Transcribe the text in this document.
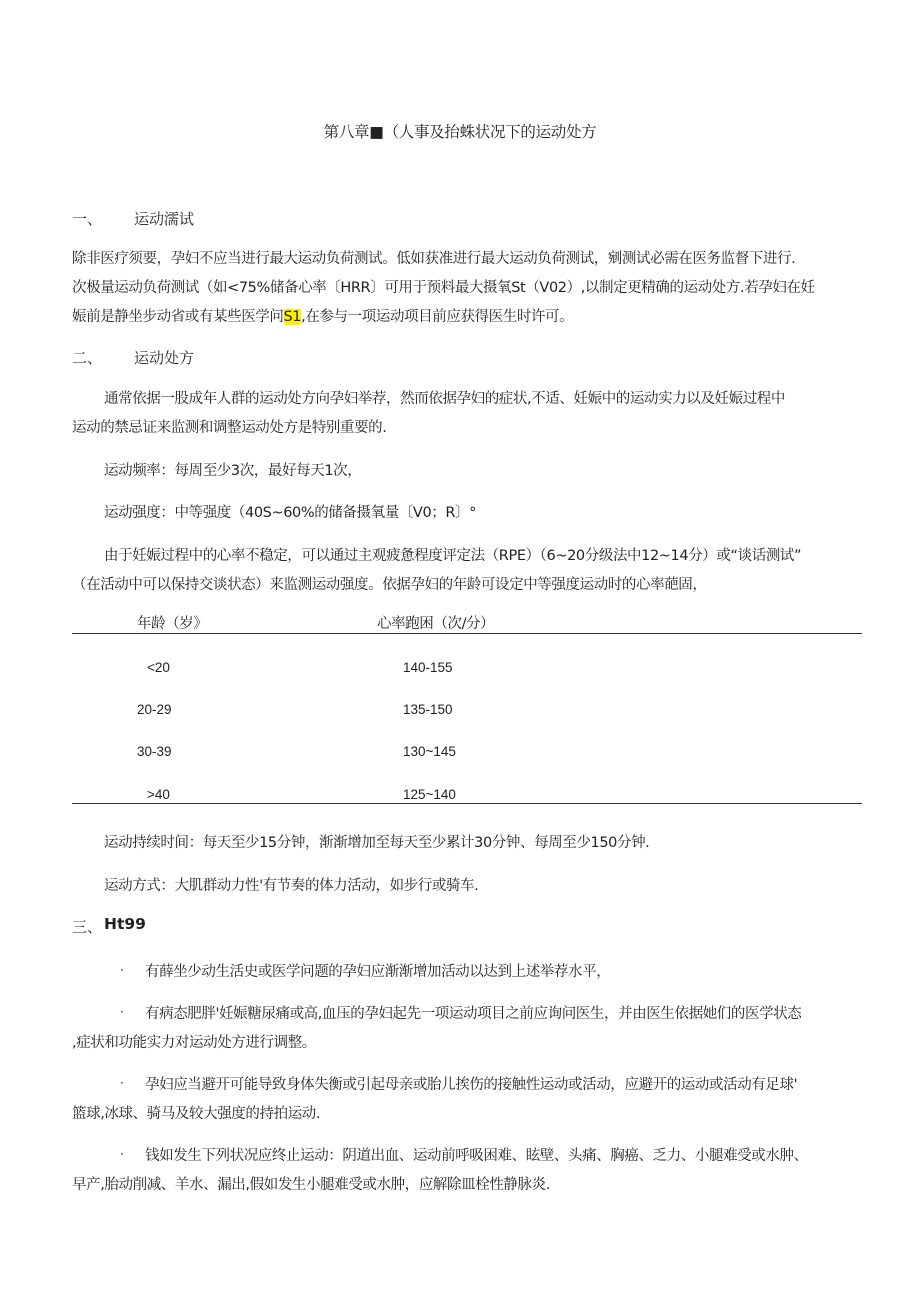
第八章■（人事及抬蛛状况下的运动处方
一、 运动濡试
除非医疗须要，孕妇不应当进行最大运动负荷测试。低如获准进行最大运动负荷测试，剜测试必需在医务监督下进行.
次极量运动负荷测试（如<75%储备心率〔HRR〕可用于预料最大摄氧St（V02）,以制定更精确的运动处方.若孕妇在妊
娠前是静坐步动省或有某些医学问S1,在参与一项运动项目前应获得医生时许可。
二、 运动处方
通常依据一股成年人群的运动处方向孕妇举荐，然而依据孕妇的症状,不适、妊娠中的运动实力以及妊娠过程中
运动的禁忌证来监测和调整运动处方是特别重要的.
运动频率：每周至少3次，最好每天1次，
运动强度：中等强度（40S~60%的储备摄氧量〔V0；R〕°
由于妊娠过程中的心率不稳定，可以通过主观疲惫程度评定法（RPE）（6~20分级法中12~14分）或“谈话测试”
（在活动中可以保持交谈状态）来监测运动强度。依据孕妇的年龄可设定中等强度运动时的心率葩固，
年龄（岁》	心率跑困（次/分）
<20	140-155
20-29	135-150
30-39	130~145
>40	125~140
运动持续时间：每天至少15分钟，渐渐增加至每天至少累计30分钟、每周至少150分钟.
运动方式：大肌群动力性'有节奏的体力活动，如步行或骑车.
三、 Ht99
· 有薛坐少动生活史或医学问题的孕妇应渐渐增加活动以达到上述举荐水平，
· 有病态肥胖'妊娠糖尿痛或高,血压的孕妇起先一项运动项目之前应询问医生，并由医生依据她们的医学状态
,症状和功能实力对运动处方进行调整。
· 孕妇应当避开可能导致身体失衡或引起母亲或胎儿挨伤的接触性运动或活动，应避开的运动或活动有足球'
篮球,冰球、骑马及较大强度的持拍运动.
· 钱如发生下列状况应终止运动：阴道出血、运动前呼吸困难、眩壁、头痛、胸癌、乏力、小腿难受或水肿、
早产,胎动削减、羊水、漏出,假如发生小腿难受或水肿，应解除皿栓性静脉炎.
